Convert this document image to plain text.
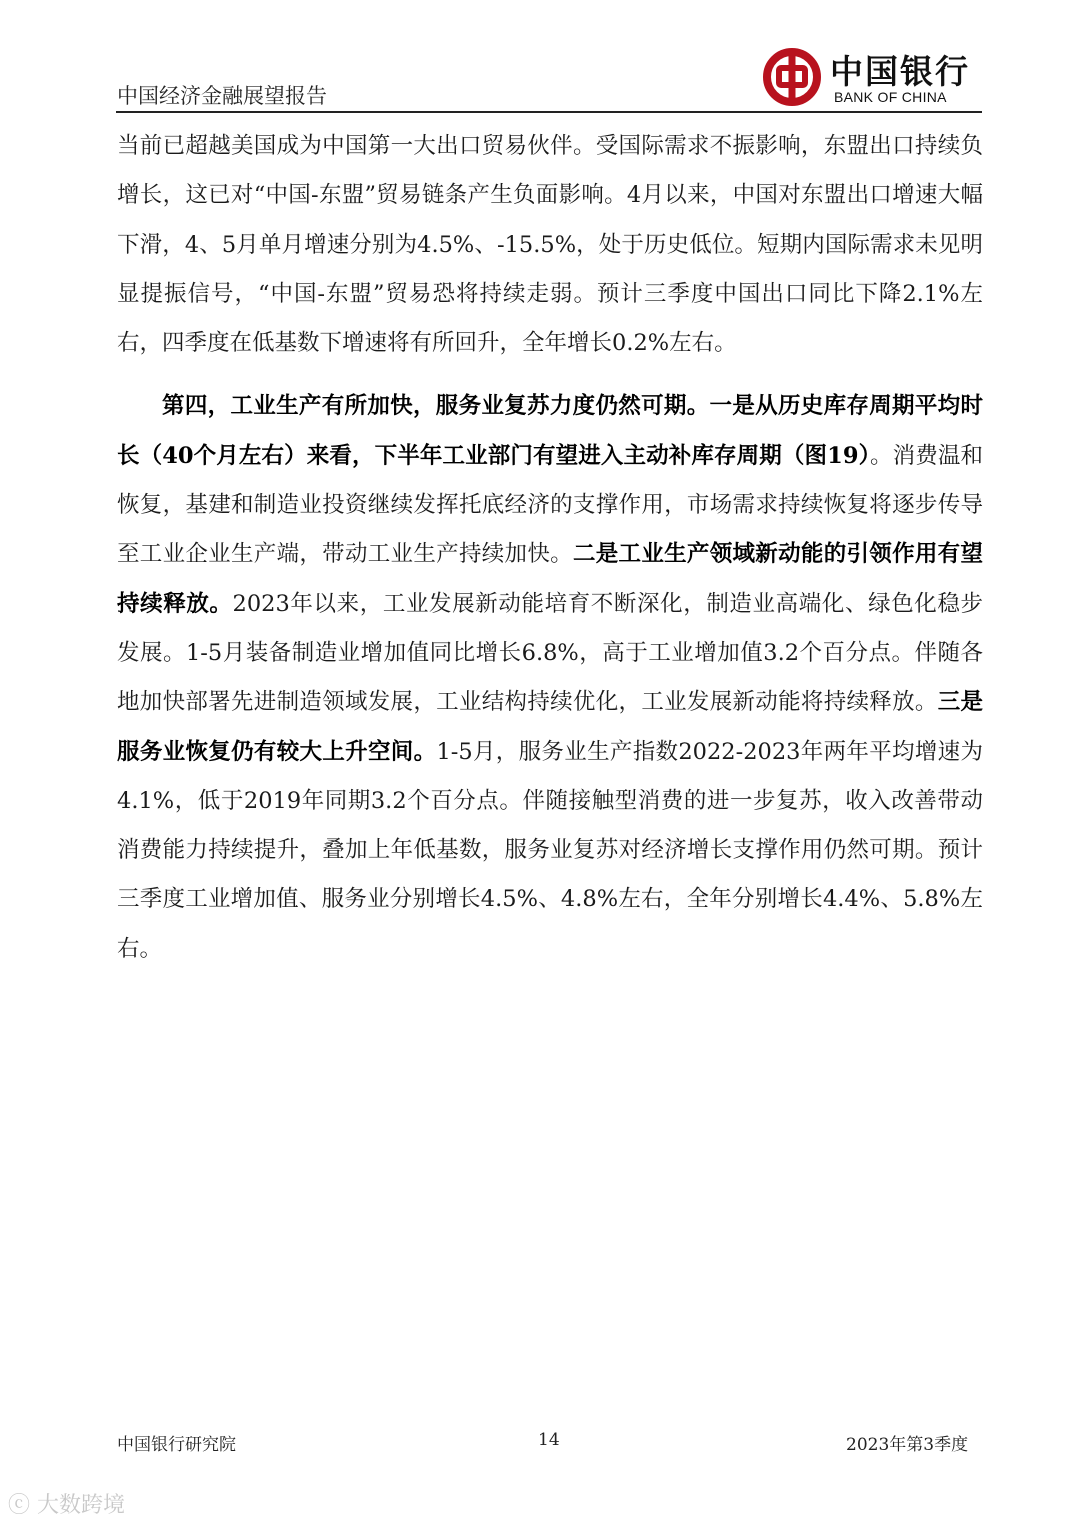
中国经济金融展望报告
中国银行
BANK OF CHINA

当前已超越美国成为中国第一大出口贸易伙伴。受国际需求不振影响，东盟出口持续负增长，这已对“中国-东盟”贸易链条产生负面影响。4月以来，中国对东盟出口增速大幅下滑，4、5月单月增速分别为4.5%、-15.5%，处于历史低位。短期内国际需求未见明显提振信号，“中国-东盟”贸易恐将持续走弱。预计三季度中国出口同比下降2.1%左右，四季度在低基数下增速将有所回升，全年增长0.2%左右。

第四，工业生产有所加快，服务业复苏力度仍然可期。一是从历史库存周期平均时长（40个月左右）来看，下半年工业部门有望进入主动补库存周期（图19）。消费温和恢复，基建和制造业投资继续发挥托底经济的支撑作用，市场需求持续恢复将逐步传导至工业企业生产端，带动工业生产持续加快。二是工业生产领域新动能的引领作用有望持续释放。2023年以来，工业发展新动能培育不断深化，制造业高端化、绿色化稳步发展。1-5月装备制造业增加值同比增长6.8%，高于工业增加值3.2个百分点。伴随各地加快部署先进制造领域发展，工业结构持续优化，工业发展新动能将持续释放。三是服务业恢复仍有较大上升空间。1-5月，服务业生产指数2022-2023年两年平均增速为4.1%，低于2019年同期3.2个百分点。伴随接触型消费的进一步复苏，收入改善带动消费能力持续提升，叠加上年低基数，服务业复苏对经济增长支撑作用仍然可期。预计三季度工业增加值、服务业分别增长4.5%、4.8%左右，全年分别增长4.4%、5.8%左右。

中国银行研究院	14	2023年第3季度
ⓒ 大数跨境
